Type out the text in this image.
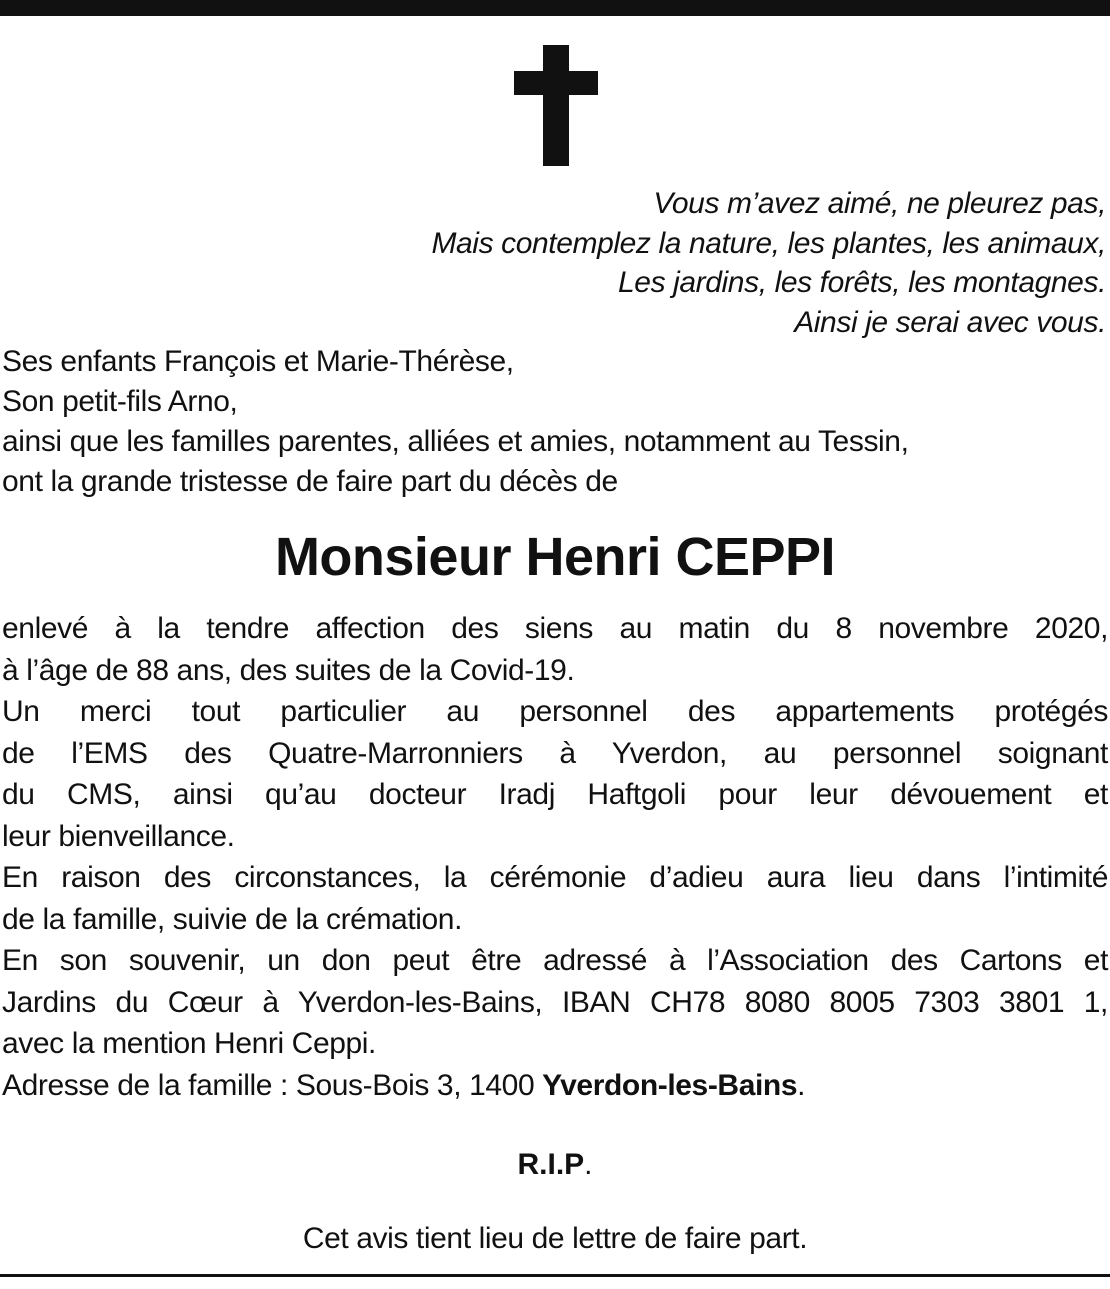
Vous m’avez aimé, ne pleurez pas,
Mais contemplez la nature, les plantes, les animaux,
Les jardins, les forêts, les montagnes.
Ainsi je serai avec vous.
Ses enfants François et Marie-Thérèse,
Son petit-fils Arno,
ainsi que les familles parentes, alliées et amies, notamment au Tessin,
ont la grande tristesse de faire part du décès de
Monsieur Henri CEPPI
enlevé à la tendre affection des siens au matin du 8 novembre 2020,
à l’âge de 88 ans, des suites de la Covid-19.
Un merci tout particulier au personnel des appartements protégés
de l’EMS des Quatre-Marronniers à Yverdon, au personnel soignant
du CMS, ainsi qu’au docteur Iradj Haftgoli pour leur dévouement et
leur bienveillance.
En raison des circonstances, la cérémonie d’adieu aura lieu dans l’intimité
de la famille, suivie de la crémation.
En son souvenir, un don peut être adressé à l’Association des Cartons et
Jardins du Cœur à Yverdon-les-Bains, IBAN CH78 8080 8005 7303 3801 1,
avec la mention Henri Ceppi.
Adresse de la famille : Sous-Bois 3, 1400 Yverdon-les-Bains.
R.I.P.
Cet avis tient lieu de lettre de faire part.
